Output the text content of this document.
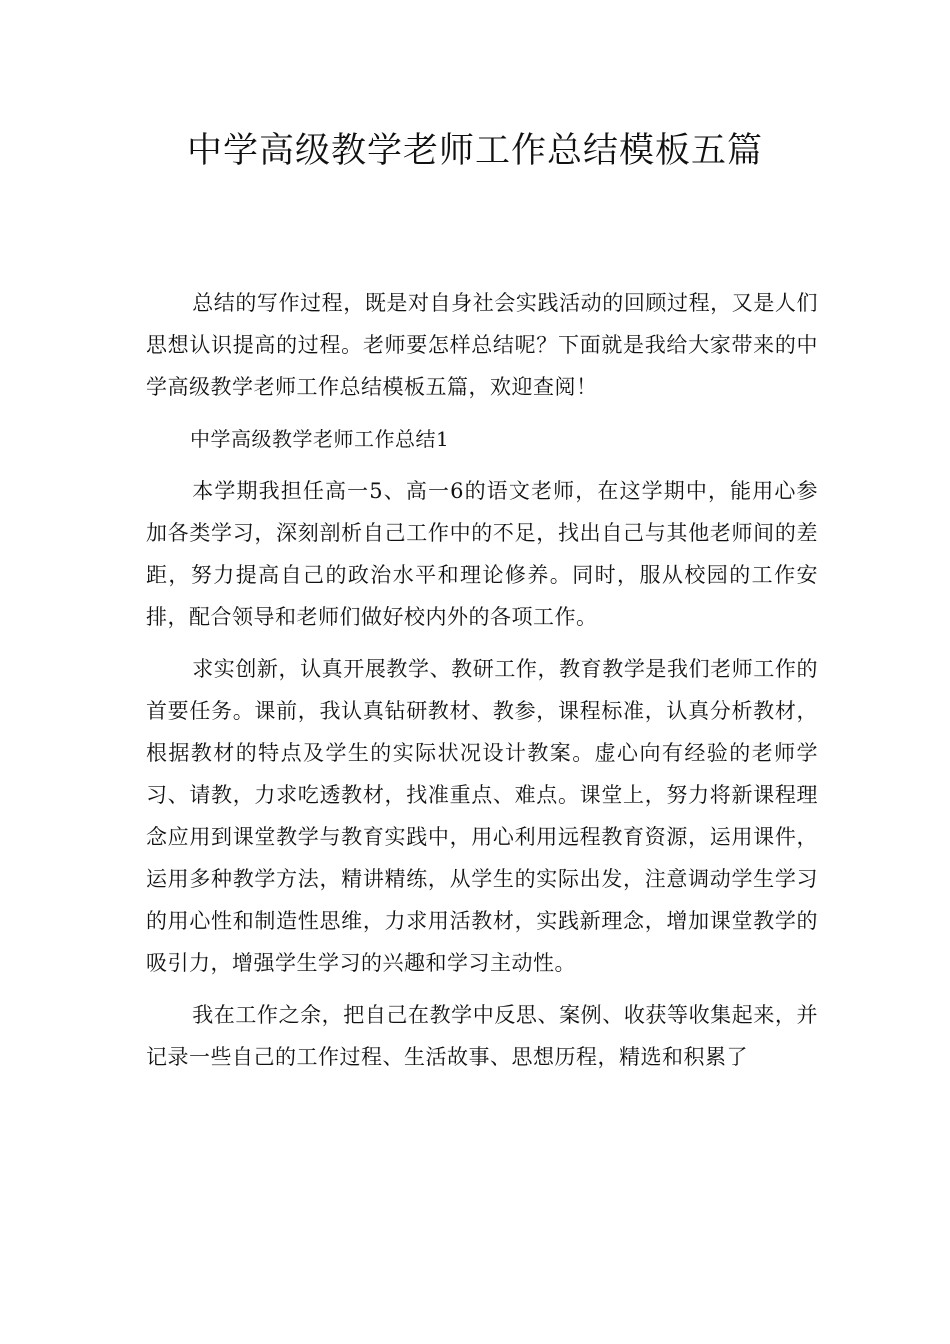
中学高级教学老师工作总结模板五篇

总结的写作过程，既是对自身社会实践活动的回顾过程，又是人们思想认识提高的过程。老师要怎样总结呢？下面就是我给大家带来的中学高级教学老师工作总结模板五篇，欢迎查阅！

中学高级教学老师工作总结1

本学期我担任高一5、高一6的语文老师，在这学期中，能用心参加各类学习，深刻剖析自己工作中的不足，找出自己与其他老师间的差距，努力提高自己的政治水平和理论修养。同时，服从校园的工作安排，配合领导和老师们做好校内外的各项工作。

求实创新，认真开展教学、教研工作，教育教学是我们老师工作的首要任务。课前，我认真钻研教材、教参，课程标准，认真分析教材，根据教材的特点及学生的实际状况设计教案。虚心向有经验的老师学习、请教，力求吃透教材，找准重点、难点。课堂上，努力将新课程理念应用到课堂教学与教育实践中，用心利用远程教育资源，运用课件，运用多种教学方法，精讲精练，从学生的实际出发，注意调动学生学习的用心性和制造性思维，力求用活教材，实践新理念，增加课堂教学的吸引力，增强学生学习的兴趣和学习主动性。

我在工作之余，把自己在教学中反思、案例、收获等收集起来，并记录一些自己的工作过程、生活故事、思想历程，精选和积累了
